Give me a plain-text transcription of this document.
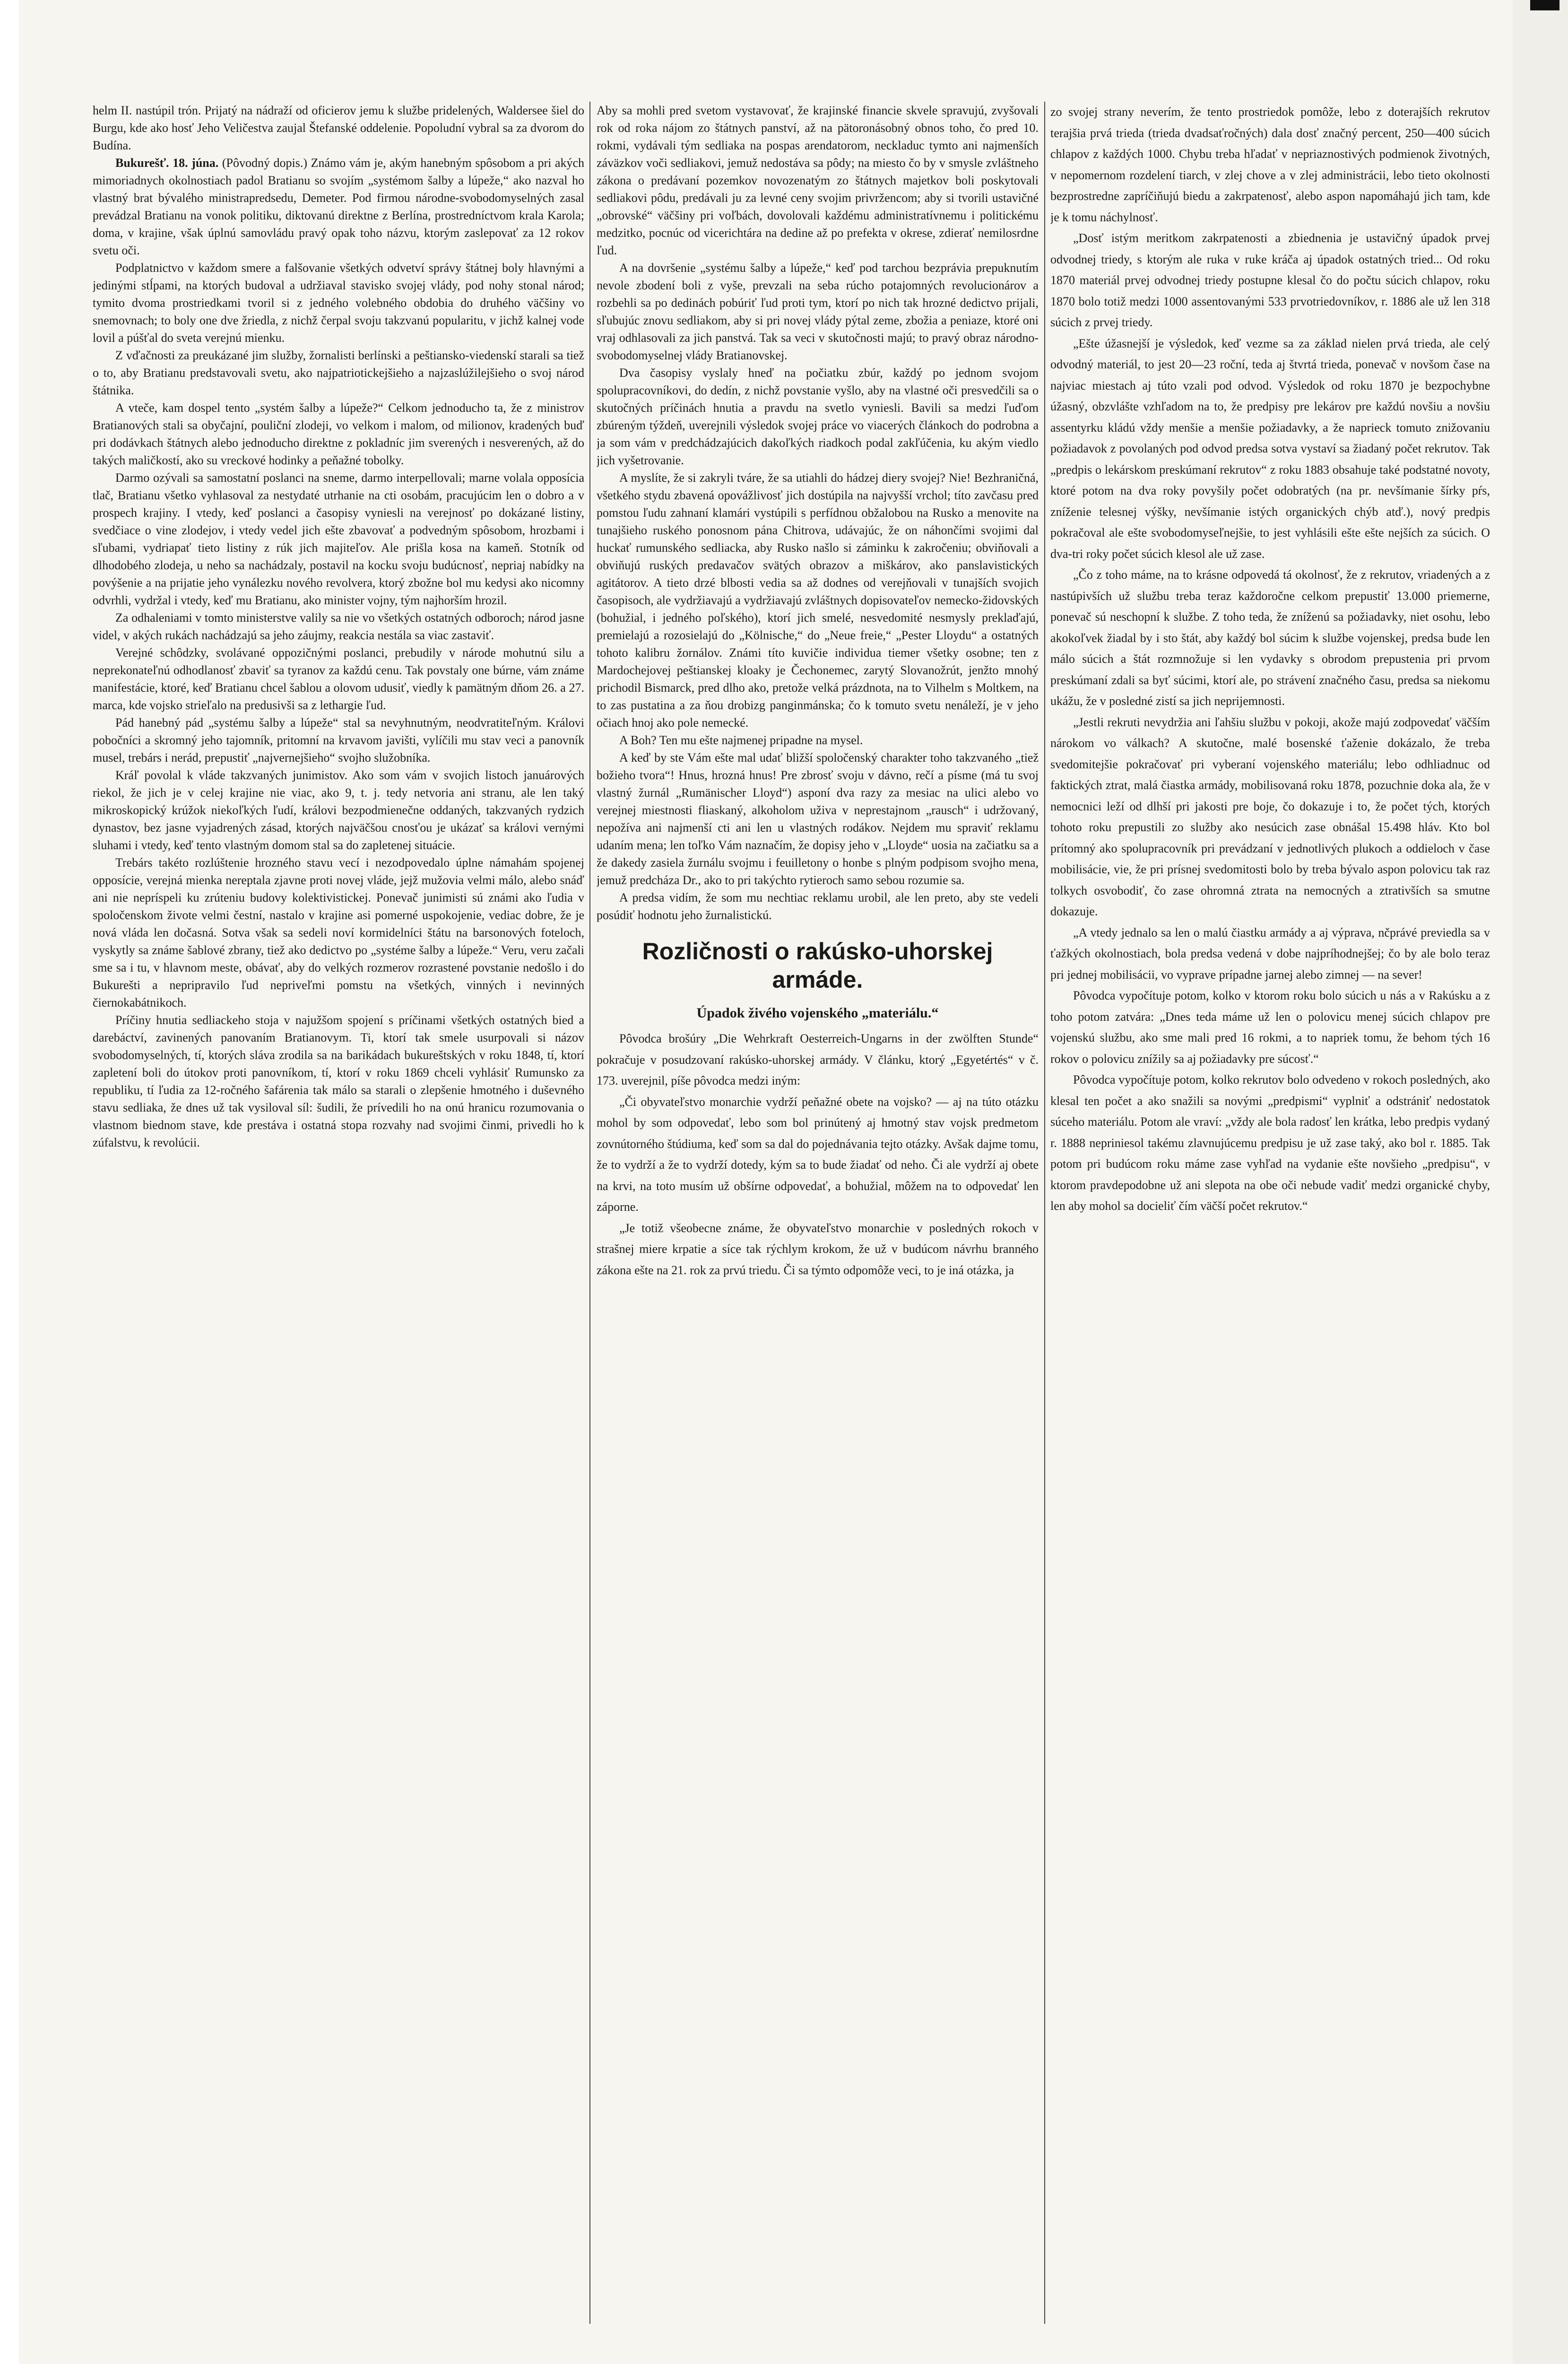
helm II. nastúpil trón. Prijatý na nádraží od oficierov jemu k službe pridelených, Waldersee šiel do Burgu, kde ako hosť Jeho Veličestva zaujal Štefanské oddelenie. Popoludní vybral sa za dvorom do Budína.

Bukurešť. 18. júna. (Pôvodný dopis.) Známo vám je, akým hanebným spôsobom a pri akých mimoriadnych okolnostiach padol Bratianu so svojím „systémom šalby a lúpeže,“ ako nazval ho vlastný brat bývalého ministrapredsedu, Demeter. Pod firmou národne-svobodomyselných zasal prevádzal Bratianu na vonok politiku, diktovanú direktne z Berlína, prostredníctvom krala Karola; doma, v krajine, však úplnú samovládu pravý opak toho názvu, ktorým zaslepovať za 12 rokov svetu oči.

Podplatnictvo v každom smere a falšovanie všetkých odvetví správy štátnej boly hlavnými a jedinými stĺpami, na ktorých budoval a udržiaval stavisko svojej vlády, pod nohy stonal národ; tymito dvoma prostriedkami tvoril si z jedného volebného obdobia do druhého väčšiny vo snemovnach; to boly one dve žriedla, z nichž čerpal svoju takzvanú popularitu, v jichž kalnej vode lovil a púšťal do sveta verejnú mienku.

Z vďačnosti za preukázané jim služby, žornalisti berlínski a peštiansko-viedenskí starali sa tiež o to, aby Bratianu predstavovali svetu, ako najpatriotickejšieho a najzaslúžilejšieho o svoj národ štátnika.

A vteče, kam dospel tento „systém šalby a lúpeže?“ Celkom jednoducho ta, že z ministrov Bratianových stali sa obyčajní, pouliční zlodeji, vo velkom i malom, od milionov, kradených buď pri dodávkach štátnych alebo jednoducho direktne z pokladníc jim sverených i nesverených, až do takých maličkostí, ako su vreckové hodinky a peňažné tobolky.

Darmo ozývali sa samostatní poslanci na sneme, darmo interpellovali; marne volala opposícia tlač, Bratianu všetko vyhlasoval za nestydaté utrhanie na cti osobám, pracujúcim len o dobro a v prospech krajiny. I vtedy, keď poslanci a časopisy vyniesli na verejnosť po dokázané listiny, svedčiace o vine zlodejov, i vtedy vedel jich ešte zbavovať a podvedným spôsobom, hrozbami i sľubami, vydriapať tieto listiny z rúk jich majiteľov. Ale prišla kosa na kameň. Stotník od dlhodobého zlodeja, u neho sa nachádzaly, postavil na kocku svoju budúcnosť, nepriaj nabídky na povýšenie a na prijatie jeho vynálezku nového revolvera, ktorý zbožne bol mu kedysi ako nicomny odvrhli, vydržal i vtedy, keď mu Bratianu, ako minister vojny, tým najhorším hrozil.

Za odhaleniami v tomto ministerstve valily sa nie vo všetkých ostatných odboroch; národ jasne videl, v akých rukách nachádzajú sa jeho záujmy, reakcia nestála sa viac zastaviť.

Verejné schôdzky, svolávané oppozičnými poslanci, prebudily v národe mohutnú silu a neprekonateľnú odhodlanosť zbaviť sa tyranov za každú cenu. Tak povstaly one búrne, vám známe manifestácie, ktoré, keď Bratianu chcel šablou a olovom udusiť, viedly k pamätným dňom 26. a 27. marca, kde vojsko strieľalo na predusivši sa z lethargie ľud.

Pád hanebný pád „systému šalby a lúpeže“ stal sa nevyhnutným, neodvratiteľným. Královi pobočníci a skromný jeho tajomník, pritomní na krvavom javišti, vylíčili mu stav veci a panovník musel, trebárs i nerád, prepustiť „najvernejšieho“ svojho služobníka.

Kráľ povolal k vláde takzvaných junimistov. Ako som vám v svojich listoch januárových riekol, že jich je v celej krajine nie viac, ako 9, t. j. tedy netvoria ani stranu, ale len taký mikroskopický krúžok niekoľkých ľudí, královi bezpodmienečne oddaných, takzvaných rydzich dynastov, bez jasne vyjadrených zásad, ktorých najväčšou cnosťou je ukázať sa královi vernými sluhami i vtedy, keď tento vlastným domom stal sa do zapletenej situácie.

Trebárs takéto rozlúštenie hrozného stavu vecí i nezodpovedalo úplne námahám spojenej opposície, verejná mienka nereptala zjavne proti novej vláde, jejž mužovia velmi málo, alebo snáď ani nie nepríspeli ku zrúteniu budovy kolektivistickej. Ponevač junimisti sú známi ako ľudia v spoločenskom živote velmi čestní, nastalo v krajine asi pomerné uspokojenie, vediac dobre, že je nová vláda len dočasná. Sotva však sa sedeli noví kormidelníci štátu na barsonových foteloch, vyskytly sa známe šablové zbrany, tiež ako dedictvo po „systéme šalby a lúpeže.“ Veru, veru začali sme sa i tu, v hlavnom meste, obávať, aby do velkých rozmerov rozrastené povstanie nedošlo i do Bukurešti a nepripravilo ľud nepriveľmi pomstu na všetkých, vinných i nevinných čiernokabátnikoch.

Príčiny hnutia sedliackeho stoja v najužšom spojení s príčinami všetkých ostatných bied a darebáctví, zavinených panovaním Bratianovym. Ti, ktorí tak smele usurpovali si názov svobodomyselných, tí, ktorých sláva zrodila sa na barikádach bukureštských v roku 1848, tí, ktorí zapletení boli do útokov proti panovníkom, tí, ktorí v roku 1869 chceli vyhlásiť Rumunsko za republiku, tí ľudia za 12-ročného šafárenia tak málo sa starali o zlepšenie hmotného i duševného stavu sedliaka, že dnes už tak vysiloval síl: šudili, že prívedili ho na onú hranicu rozumovania o vlastnom biednom stave, kde prestáva i ostatná stopa rozvahy nad svojimi činmi, privedli ho k zúfalstvu, k revolúcii.

Aby sa mohli pred svetom vystavovať, že krajinské financie skvele spravujú, zvyšovali rok od roka nájom zo štátnych panství, až na pätoronásobný obnos toho, čo pred 10. rokmi, vydávali tým sedliaka na pospas arendatorom, neckladuc tymto ani najmenších záväzkov voči sedliakovi, jemuž nedostáva sa pôdy; na miesto čo by v smysle zvláštneho zákona o predávaní pozemkov novozenatým zo štátnych majetkov boli poskytovali sedliakovi pôdu, predávali ju za levné ceny svojim privržencom; aby si tvorili ustavičné „obrovské“ väčšiny pri voľbách, dovolovali každému administratívnemu i politickému medzitko, pocnúc od vicerichtára na dedine až po prefekta v okrese, zdierať nemilosrdne ľud.

A na dovršenie „systému šalby a lúpeže,“ keď pod tarchou bezprávia prepuknutím nevole zbodení boli z vyše, prevzali na seba rúcho potajomných revolucionárov a rozbehli sa po dedinách pobúriť ľud proti tym, ktorí po nich tak hrozné dedictvo prijali, sľubujúc znovu sedliakom, aby si pri novej vlády pýtal zeme, zbožia a peniaze, ktoré oni vraj odhlasovali za jich panstvá. Tak sa veci v skutočnosti majú; to pravý obraz národno-svobodomyselnej vlády Bratianovskej.

Dva časopisy vyslaly hneď na počiatku zbúr, každý po jednom svojom spolupracovníkovi, do dedín, z nichž povstanie vyšlo, aby na vlastné oči presvedčili sa o skutočných príčinách hnutia a pravdu na svetlo vyniesli. Bavili sa medzi ľuďom zbúreným týždeň, uverejnili výsledok svojej práce vo viacerých článkoch do podrobna a ja som vám v predchádzajúcich dakoľkých riadkoch podal zakľúčenia, ku akým viedlo jich vyšetrovanie.

A myslíte, že si zakryli tváre, že sa utiahli do hádzej diery svojej? Nie! Bezhraničná, všetkého stydu zbavená opovážlivosť jich dostúpila na najvyšší vrchol; títo zavčasu pred pomstou ľudu zahnaní klamári vystúpili s perfídnou obžalobou na Rusko a menovite na tunajšieho ruského ponosnom pána Chitrova, udávajúc, že on náhončími svojimi dal huckať rumunského sedliacka, aby Rusko našlo si záminku k zakročeniu; obviňovali a obviňujú ruských predavačov svätých obrazov a miškárov, ako panslavistických agitátorov. A tieto drzé blbosti vedia sa až dodnes od verejňovali v tunajších svojich časopisoch, ale vydržiavajú a vydržiavajú zvláštnych dopisovateľov nemecko-židovských (bohužial, i jedného poľského), ktorí jich smelé, nesvedomité nesmysly preklaďajú, premielajú a rozosielajú do „Kölnische,“ do „Neue freie,“ „Pester Lloydu“ a ostatných tohoto kalibru žornálov. Známi títo kuvičie individua tiemer všetky osobne; ten z Mardochejovej peštianskej kloaky je Čechonemec, zarytý Slovanožrút, jenžto mnohý prichodil Bismarck, pred dlho ako, pretože velká prázdnota, na to Vilhelm s Moltkem, na to zas pustatina a za ňou drobizg panginmánska; čo k tomuto svetu nenáleží, je v jeho očiach hnoj ako pole nemecké.

A Boh? Ten mu ešte najmenej pripadne na mysel.

A keď by ste Vám ešte mal udať bližší spoločenský charakter toho takzvaného „tiež božieho tvora“! Hnus, hrozná hnus! Pre zbrosť svoju v dávno, rečí a písme (má tu svoj vlastný žurnál „Rumänischer Lloyd“) asponí dva razy za mesiac na ulici alebo vo verejnej miestnosti fliaskaný, alkoholom uživa v neprestajnom „rausch“ i udržovaný, nepožíva ani najmenší cti ani len u vlastných rodákov. Nejdem mu spraviť reklamu udaním mena; len toľko Vám naznačím, že dopisy jeho v „Lloyde“ uosia na začiatku sa a že dakedy zasiela žurnálu svojmu i feuilletony o honbe s plným podpisom svojho mena, jemuž predcháza Dr., ako to pri takýchto rytieroch samo sebou rozumie sa.

A predsa vidím, že som mu nechtiac reklamu urobil, ale len preto, aby ste vedeli posúdiť hodnotu jeho žurnalistickú.

Rozličnosti o rakúsko-uhorskej armáde.
Úpadok živého vojenského „materiálu.“

Pôvodca brošúry „Die Wehrkraft Oesterreich-Ungarns in der zwölften Stunde“ pokračuje v posudzovaní rakúsko-uhorskej armády. V článku, ktorý „Egyetértés“ v č. 173. uverejnil, píše pôvodca medzi iným:

„Či obyvateľstvo monarchie vydrží peňažné obete na vojsko? — aj na túto otázku mohol by som odpovedať, lebo som bol prinútený aj hmotný stav vojsk predmetom zovnútorného štúdiuma, keď som sa dal do pojednávania tejto otázky. Avšak dajme tomu, že to vydrží a že to vydrží dotedy, kým sa to bude žiadať od neho. Či ale vydrží aj obete na krvi, na toto musím už obšírne odpovedať, a bohužial, môžem na to odpovedať len záporne.

„Je totiž všeobecne známe, že obyvateľstvo monarchie v posledných rokoch v strašnej miere krpatie a síce tak rýchlym krokom, že už v budúcom návrhu branného zákona ešte na 21. rok za prvú triedu. Či sa týmto odpomôže veci, to je iná otázka, ja

zo svojej strany neverím, že tento prostriedok pomôže, lebo z doterajších rekrutov terajšia prvá trieda (trieda dvadsaťročných) dala dosť značný percent, 250—400 súcich chlapov z každých 1000. Chybu treba hľadať v nepriaznostivých podmienok životných, v nepomernom rozdelení tiarch, v zlej chove a v zlej administrácii, lebo tieto okolnosti bezprostredne zapríčiňujú biedu a zakrpatenosť, alebo aspon napomáhajú jich tam, kde je k tomu náchylnosť.

„Dosť istým meritkom zakrpatenosti a zbiednenia je ustavičný úpadok prvej odvodnej triedy, s ktorým ale ruka v ruke kráča aj úpadok ostatných tried... Od roku 1870 materiál prvej odvodnej triedy postupne klesal čo do počtu súcich chlapov, roku 1870 bolo totiž medzi 1000 assentovanými 533 prvotriedovníkov, r. 1886 ale už len 318 súcich z prvej triedy.

„Ešte úžasnejší je výsledok, keď vezme sa za základ nielen prvá trieda, ale celý odvodný materiál, to jest 20—23 roční, teda aj štvrtá trieda, ponevač v novšom čase na najviac miestach aj túto vzali pod odvod. Výsledok od roku 1870 je bezpochybne úžasný, obzvlášte vzhľadom na to, že predpisy pre lekárov pre každú novšiu a novšiu assentyrku kládú vždy menšie a menšie požiadavky, a že naprieck tomuto znižovaniu požiadavok z povolaných pod odvod predsa sotva vystaví sa žiadaný počet rekrutov. Tak „predpis o lekárskom preskúmaní rekrutov“ z roku 1883 obsahuje také podstatné novoty, ktoré potom na dva roky povyšily počet odobratých (na pr. nevšímanie šírky pŕs, zníženie telesnej výšky, nevšímanie istých organických chýb atď.), nový predpis pokračoval ale ešte svobodomyseľnejšie, to jest vyhlásili ešte ešte nejších za súcich. O dva-tri roky počet súcich klesol ale už zase.

„Čo z toho máme, na to krásne odpovedá tá okolnosť, že z rekrutov, vriadených a z nastúpivších už službu treba teraz každoročne celkom prepustiť 13.000 priemerne, ponevač sú neschopní k službe. Z toho teda, že zníženú sa požiadavky, niet osohu, lebo akokoľvek žiadal by i sto štát, aby každý bol súcim k službe vojenskej, predsa bude len málo súcich a štát rozmnožuje si len vydavky s obrodom prepustenia pri prvom preskúmaní zdali sa byť súcimi, ktorí ale, po strávení značného času, predsa sa niekomu ukážu, že v posledné zistí sa jich neprijemnosti.

„Jestli rekruti nevydržia ani ľahšiu službu v pokoji, akože majú zodpovedať väčším nárokom vo válkach? A skutočne, malé bosenské ťaženie dokázalo, že treba svedomitejšie pokračovať pri vyberaní vojenského materiálu; lebo odhliadnuc od faktických ztrat, malá čiastka armády, mobilisovaná roku 1878, pozuchnie doka ala, že v nemocnici leží od dlhší pri jakosti pre boje, čo dokazuje i to, že počet tých, ktorých tohoto roku prepustili zo služby ako nesúcich zase obnášal 15.498 hláv. Kto bol prítomný ako spolupracovník pri prevádzaní v jednotlivých plukoch a oddieloch v čase mobilisácie, vie, že pri prísnej svedomitosti bolo by treba bývalo aspon polovicu tak raz tolkych osvobodiť, čo zase ohromná ztrata na nemocných a ztrativších sa smutne dokazuje.

„A vtedy jednalo sa len o malú čiastku armády a aj výprava, nčprávé previedla sa v ťažkých okolnostiach, bola predsa vedená v dobe najpríhodnejšej; čo by ale bolo teraz pri jednej mobilisácii, vo vyprave prípadne jarnej alebo zimnej — na sever!

Pôvodca vypočítuje potom, kolko v ktorom roku bolo súcich u nás a v Rakúsku a z toho potom zatvára: „Dnes teda máme už len o polovicu menej súcich chlapov pre vojenskú službu, ako sme mali pred 16 rokmi, a to napriek tomu, že behom tých 16 rokov o polovicu znížily sa aj požiadavky pre súcosť.“

Pôvodca vypočítuje potom, kolko rekrutov bolo odvedeno v rokoch posledných, ako klesal ten počet a ako snažili sa novými „predpismi“ vyplniť a odstrániť nedostatok súceho materiálu. Potom ale vraví: „vždy ale bola radosť len krátka, lebo predpis vydaný r. 1888 nepriniesol takému zlavnujúcemu predpisu je už zase taký, ako bol r. 1885. Tak potom pri budúcom roku máme zase vyhľad na vydanie ešte novšieho „predpisu“, v ktorom pravdepodobne už ani slepota na obe oči nebude vadiť medzi organické chyby, len aby mohol sa docieliť čím väčší počet rekrutov.“
